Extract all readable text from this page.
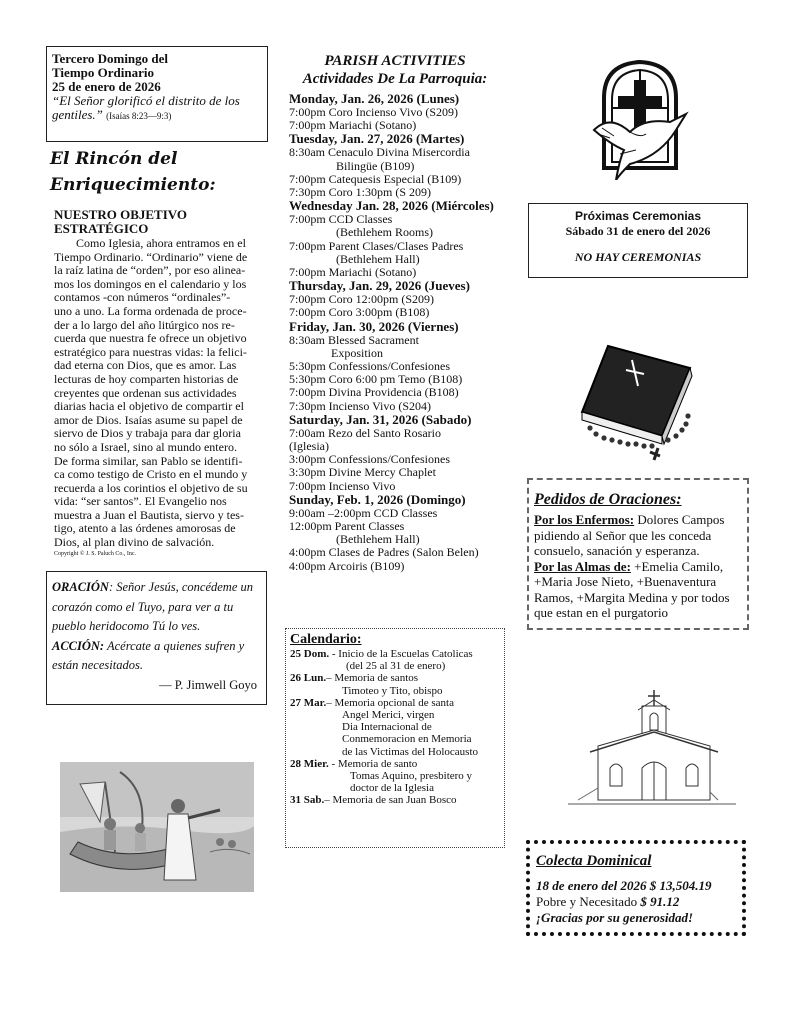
Tercero Domingo del
Tiempo Ordinario
25 de enero de 2026
“El Señor glorificó el distrito de los gentiles.” (Isaías 8:23—9:3)
El Rincón del
Enriquecimiento:
NUESTRO OBJETIVO
ESTRATÉGICO
Como Iglesia, ahora entramos en el
Tiempo Ordinario. “Ordinario” viene de
la raíz latina de “orden”, por eso alinea-
mos los domingos en el calendario y los
contamos -con números “ordinales”-
uno a uno. La forma ordenada de proce-
der a lo largo del año litúrgico nos re-
cuerda que nuestra fe ofrece un objetivo
estratégico para nuestras vidas: la felici-
dad eterna con Dios, que es amor. Las
lecturas de hoy comparten historias de
creyentes que ordenan sus actividades
diarias hacia el objetivo de compartir el
amor de Dios. Isaías asume su papel de
siervo de Dios y trabaja para dar gloria
no sólo a Israel, sino al mundo entero.
De forma similar, san Pablo se identifi-
ca como testigo de Cristo en el mundo y
recuerda a los corintios el objetivo de su
vida: “ser santos”. El Evangelio nos
muestra a Juan el Bautista, siervo y tes-
tigo, atento a las órdenes amorosas de
Dios, al plan divino de salvación.
Copyright © J. S. Paluch Co., Inc.
ORACIÓN: Señor Jesús, concédeme un corazón como el Tuyo, para ver a tu pueblo heridocomo Tú lo ves.
ACCIÓN: Acércate a quienes sufren y están necesitados.
— P. Jimwell Goyo
PARISH ACTIVITIES
Actividades De La Parroquia:
Monday, Jan. 26, 2026 (Lunes)
7:00pm Coro Incienso Vivo (S209)
7:00pm Mariachi (Sotano)
Tuesday, Jan. 27, 2026 (Martes)
8:30am Cenaculo Divina Misercordia
Bilingüe (B109)
7:00pm Catequesis Especial (B109)
7:30pm Coro 1:30pm (S 209)
Wednesday Jan. 28, 2026 (Miércoles)
7:00pm CCD Classes
(Bethlehem Rooms)
7:00pm Parent Clases/Clases Padres
(Bethlehem Hall)
7:00pm Mariachi (Sotano)
Thursday, Jan. 29, 2026 (Jueves)
7:00pm Coro 12:00pm (S209)
7:00pm Coro 3:00pm (B108)
Friday, Jan. 30, 2026 (Viernes)
8:30am Blessed Sacrament
Exposition
5:30pm Confessions/Confesiones
5:30pm Coro 6:00 pm Temo (B108)
7:00pm Divina Providencia (B108)
7:30pm Incienso Vivo (S204)
Saturday, Jan. 31, 2026 (Sabado)
7:00am Rezo del Santo Rosario
(Iglesia)
3:00pm Confessions/Confesiones
3:30pm Divine Mercy Chaplet
7:00pm Incienso Vivo
Sunday, Feb. 1, 2026 (Domingo)
9:00am –2:00pm CCD Classes
12:00pm Parent Classes
(Bethlehem Hall)
4:00pm Clases de Padres (Salon Belen)
4:00pm Arcoiris (B109)
Calendario:
25 Dom. - Inicio de la Escuelas Catolicas
(del 25 al 31 de enero)
26 Lun.– Memoria de santos
Timoteo y Tito, obispo
27 Mar.– Memoria opcional de santa
Angel Merici, virgen
Dia Internacional de
Conmemoracion en Memoria
de las Victimas del Holocausto
28 Mier. - Memoria de santo
Tomas Aquino, presbitero y
doctor de la Iglesia
31 Sab.– Memoria de san Juan Bosco
Próximas Ceremonias
Sábado 31 de enero del 2026
NO HAY CEREMONIAS
Pedidos de Oraciones:
Por los Enfermos: Dolores Campos pidiendo al Señor que les conceda consuelo, sanación y esperanza.
Por las Almas de: +Emelia Camilo, +Maria Jose Nieto, +Buenaventura Ramos, +Margita Medina y por todos que estan en el purgatorio
Colecta Dominical
18 de enero del 2026 $ 13,504.19
Pobre y Necesitado $ 91.12
¡Gracias por su generosidad!
